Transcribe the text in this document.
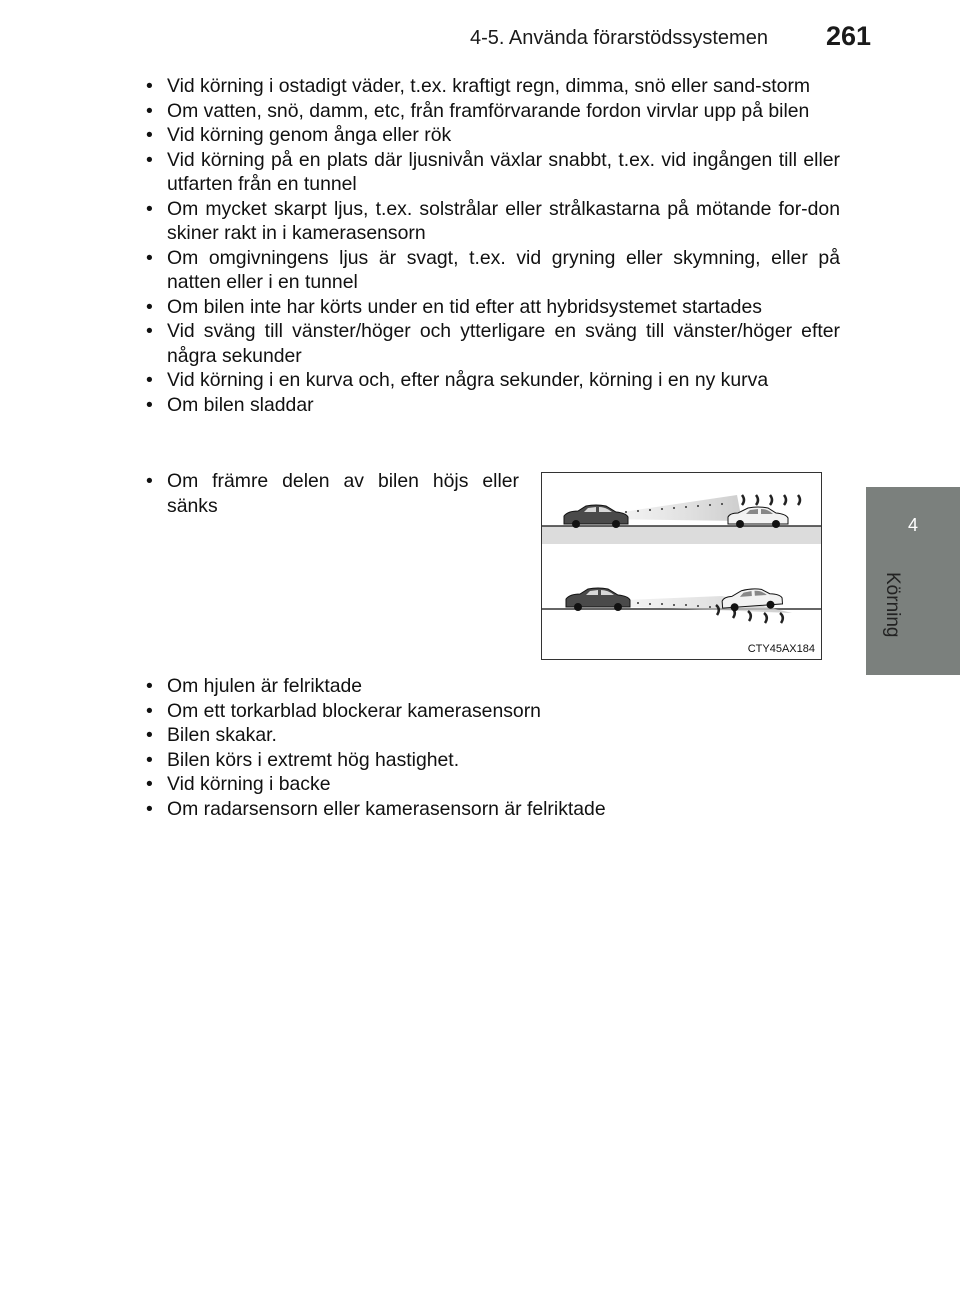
4-5. Använda förarstödssystemen 261
4
Körning
• Vid körning i ostadigt väder, t.ex. kraftigt regn, dimma, snö eller sand-storm
• Om vatten, snö, damm, etc, från framförvarande fordon virvlar upp på bilen
• Vid körning genom ånga eller rök
• Vid körning på en plats där ljusnivån växlar snabbt, t.ex. vid ingången till eller utfarten från en tunnel
• Om mycket skarpt ljus, t.ex. solstrålar eller strålkastarna på mötande for-don skiner rakt in i kamerasensorn
• Om omgivningens ljus är svagt, t.ex. vid gryning eller skymning, eller på natten eller i en tunnel
• Om bilen inte har körts under en tid efter att hybridsystemet startades
• Vid sväng till vänster/höger och ytterligare en sväng till vänster/höger efter några sekunder
• Vid körning i en kurva och, efter några sekunder, körning i en ny kurva
• Om bilen sladdar
• Om främre delen av bilen höjs eller sänks
CTY45AX184
• Om hjulen är felriktade
• Om ett torkarblad blockerar kamerasensorn
• Bilen skakar.
• Bilen körs i extremt hög hastighet.
• Vid körning i backe
• Om radarsensorn eller kamerasensorn är felriktade
